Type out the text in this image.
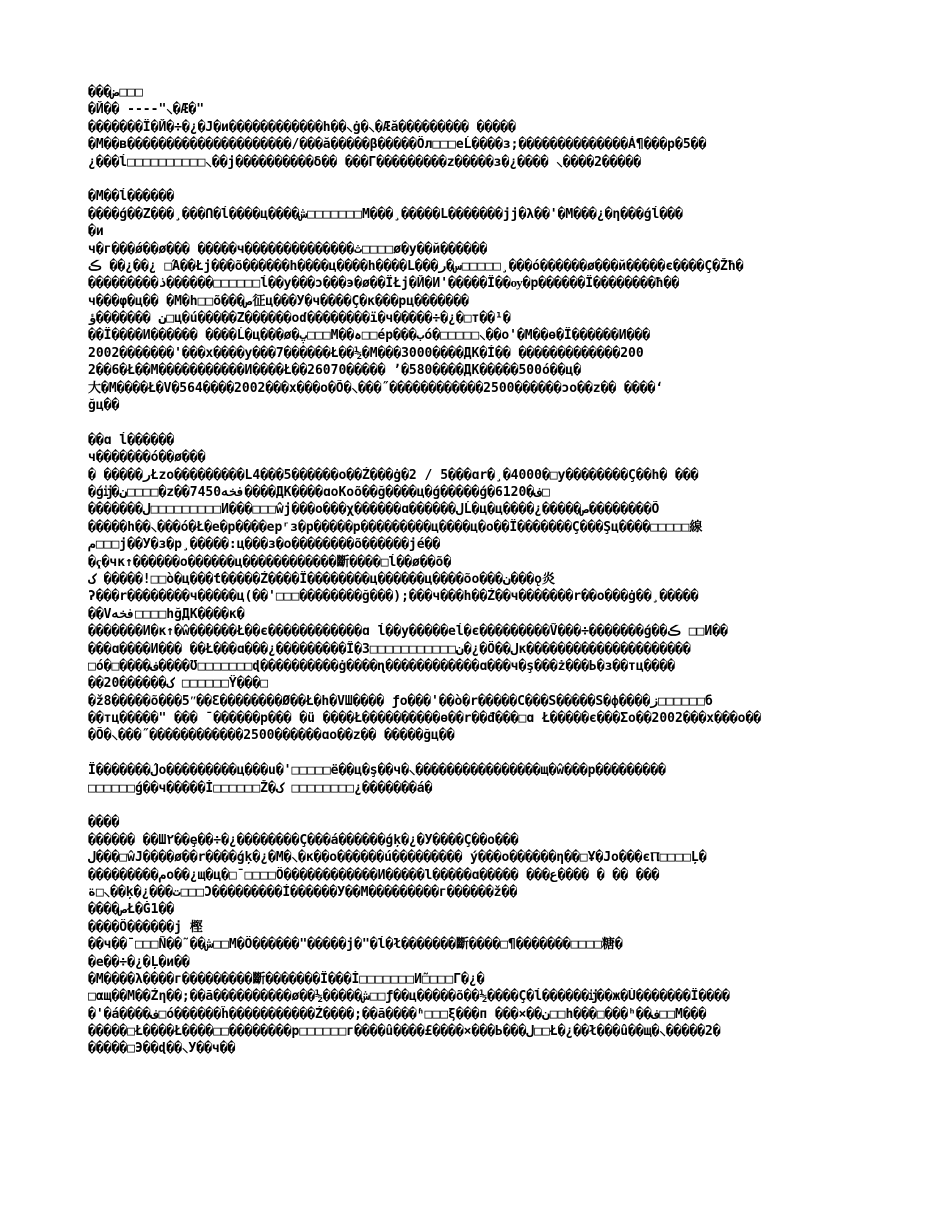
���ض□□□
�Й�� ----"⸜�Æ�"
�������Ï�Й�÷�¿�Ј�и������������h��⸜ġ�⸜�Æă��������� �����
�M��в���������������������/���ă�����β�����Öл□□□eĹ����з;��������������Á¶���p�5��
¿���ĺ□□□□□□□□□□⸜��j����������δ�� ���Γ���������z�����з�¿���� ⸜����2�����
�M��ĺ������
����ǵ��Z���¸���Ո�ĺ����ц����ش□□□□□□□M���¸�����L�������јј�λ��'�M���¿�η���ǵĺ���
�и
ч�г���ǿ��ø��� �����ч��������������ث□□□□ø�у��й������
ڪ ��¿��¿ □Ά��Łј���õ������h����ц����h����L���س�ر□□□□□¸���ó������ø���й�����є����Ç�Žħ�
���������ذ������□□□□□□ĺ��у���ɔ���э�ø��ÏŁј�Й�И'�����Ï��ѹ�p������Ï��������ħ��
ч���φ�ц�� �M�h□□õ���ص征ц���У�ч����Ç�κ���рц�������
ن �������ؤ□ц�ú�����Z������oɗ��������ї�ч�����÷�¿�□т��¹�
��Ï����И������ ����Ĺ�ц���ø�پ□□□M��ہ□□ép���بó�□□□□□⸜��o'�M��ѳ�Ï������И���
2002�������'���х����у���7������Ł��½�M���3000����ДК�Í�� �������������200
2��6�Ł��M�����������И����Ł��26070����� ʼ�580����ДК�����500ó��ц�
大�M����Ł�V�564����2002���х���o�Õ�⸜���˝������������2500������ɔo��z�� ����ʻ
ğц��
��ɑ ĺ������
ч�������ó��ø���
� �����رŁzo���������L4���5������o��Ź���ġ�2 / 5���ɑr�¸�4000�□у��������Ç��h� ���
�ǵĳ�ن□□□□�z��7450فخه����ДК����ɑoКoõ��ğ����ц�ǵ�����ǵ�6120�ف□
�������ل□□□□□□□□□И���□□□ŵј���o���χ������ɑ������لĹ�ц�ц����¿�����ص��������Õ
�����h��⸜���ó�Ł�e�p����epʳз�p�����p���������ц����ц�o��Ï�������Ç���Şц����□□□□□線
م□□□j��У�з�p¸�����։ц���з�o��������õ������јé��
�ҁ�чκ↑������o������ц������������斷����□ĺ��ø��õ�
ک �����!□□ò�ц���ƭ�����Ź����Ï��������ц������ц����õo���ن���ǫ炎
ʔ���r��������ч�����ц(��'□□□��������ğ���);���ч���h��Ź��ч�������r��o���ġ��¸�����
��Vفخه□□□□hğДК����κ�
�������И�к↑�ŵ������Ł��є������������ɑ ĺ��у�����eĺ�є���������Ṽ���÷�������ǵ��ڪ □□И��
���ɑ����И��� ��Ł���ɑ���¿���������Î�ن□□□□□□□□□□□3�¿�Ö��لк���������������������
□ó�□����ف����Ʊ□□□□□□□ɖ����������ġ����ɳ������������ɑ���ч�ş���ż���Ь�з��тц����
��20������ک □□□□□□Ÿ���□
�ž8�����õ���5ʺ��Ɛ��������Ø��Ł�h�VШ���� ƒo���'��ò�r�����C���S�����S�ф����ز□□□□□□б
��тц�����" ��� ˉ������p��� �ü ����Ł����������ѳ��r��đ���□ɑ Ł�����є���Σo��2002���х���o��
�Õ�⸜���˝������������2500������ɑo��z�� �����ğц��
Ï�������ل́o���������ц���u�'□□□□□ë��ц�ş��ч�⸜����������������щ�ŵ���p���������
□□□□□□ǵ��ч�����İ□□□□□□Ž�ک □□□□□□□□¿�������á�
����
������ ��Ш٢��ȩ��÷�¿��������Ç���á������ǵķ�¿�У����Ç��o���
ل���□ŵЈ����ø��r����ǵķ�¿�M�⸜�κ��o������ú��������� ý���o������η��□Ұ�Jo���єⲠ□□□□Ļ�
���������مo��¿щ�ц�□ˉ□□□□Ö������������И�����l�����ɑ����� ���ع���� � �� ���
ة□⸜��ķ�¿���ت□□□Ɔ���������Í������У��M���������г������ž��
����صŁ�Ġ1��
����Ö������ј 樫
��ч��ˉ□□□Ñ��˜��ش□□M�Ö������"�����ј�"�ĺ�ł�������斷����□¶�������□□□□糖�
�e��÷�¿�Ļ�и��
�M����λ����г���������斷�������Ï���İ□□□□□□□И̃□□□□Γ�¿�
□αщ��M��Źη��;��ã����������ø��½�����ش□□ƒ��ц�����õ��½����Ç�ĺ������ĳ��ж�Ù�������Ï����
�'�á����ف□ó������ĥ�����������Ź����;��ã����ʱ□□□ξ���п ���×��ن□□h���□���ʰ��ف□□M���
�����□Ł����Ł����□□��������р□□□□□□г����û����£����×���Ь���ل□□Ł�¿��ł���û��щ�⸜�����2�
�����□Э��ɖ��⸜У��ч��
